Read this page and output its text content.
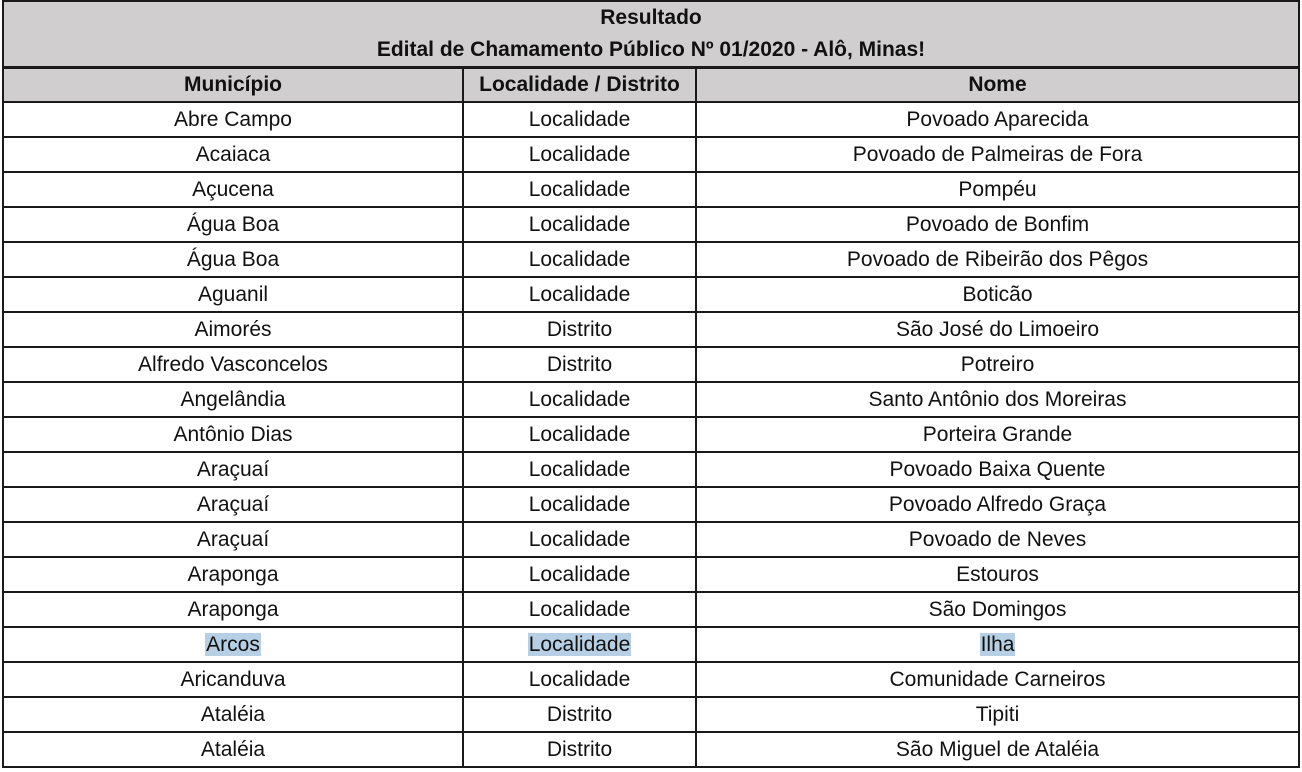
Resultado
Edital de Chamamento Público Nº 01/2020 - Alô, Minas!		

Município	Localidade / Distrito	Nome
Abre Campo	Localidade	Povoado Aparecida
Acaiaca	Localidade	Povoado de Palmeiras de Fora
Açucena	Localidade	Pompéu
Água Boa	Localidade	Povoado de Bonfim
Água Boa	Localidade	Povoado de Ribeirão dos Pêgos
Aguanil	Localidade	Boticão
Aimorés	Distrito	São José do Limoeiro
Alfredo Vasconcelos	Distrito	Potreiro
Angelândia	Localidade	Santo Antônio dos Moreiras
Antônio Dias	Localidade	Porteira Grande
Araçuaí	Localidade	Povoado Baixa Quente
Araçuaí	Localidade	Povoado Alfredo Graça
Araçuaí	Localidade	Povoado de Neves
Araponga	Localidade	Estouros
Araponga	Localidade	São Domingos
Arcos	Localidade	Ilha
Aricanduva	Localidade	Comunidade Carneiros
Ataléia	Distrito	Tipiti
Ataléia	Distrito	São Miguel de Ataléia
